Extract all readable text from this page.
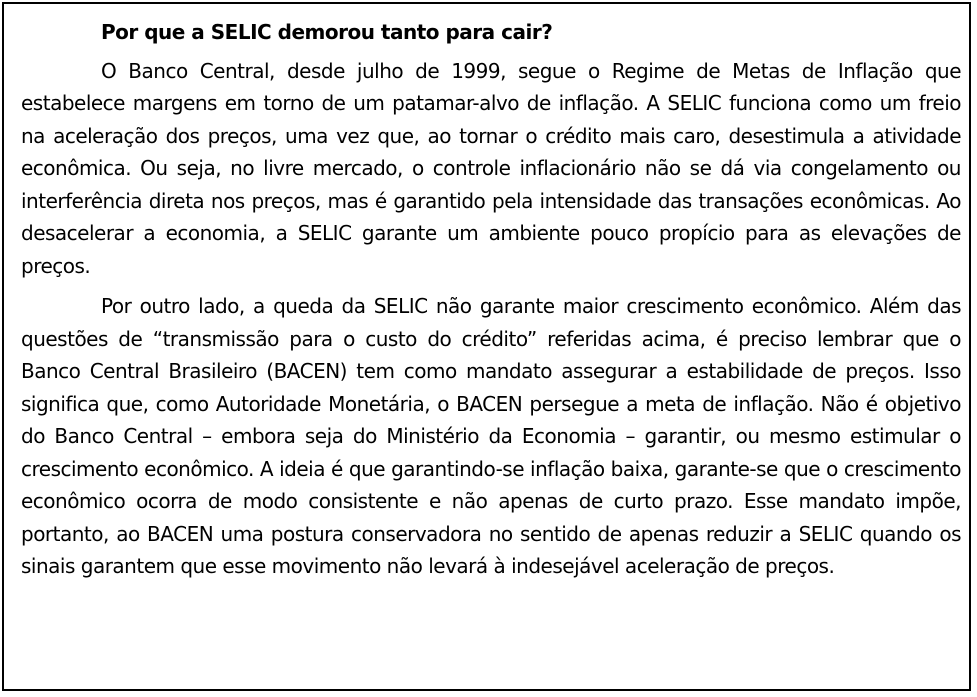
Por que a SELIC demorou tanto para cair?

O Banco Central, desde julho de 1999, segue o Regime de Metas de Inflação que estabelece margens em torno de um patamar-alvo de inflação. A SELIC funciona como um freio na aceleração dos preços, uma vez que, ao tornar o crédito mais caro, desestimula a atividade econômica. Ou seja, no livre mercado, o controle inflacionário não se dá via congelamento ou interferência direta nos preços, mas é garantido pela intensidade das transações econômicas. Ao desacelerar a economia, a SELIC garante um ambiente pouco propício para as elevações de preços.

Por outro lado, a queda da SELIC não garante maior crescimento econômico. Além das questões de “transmissão para o custo do crédito” referidas acima, é preciso lembrar que o Banco Central Brasileiro (BACEN) tem como mandato assegurar a estabilidade de preços. Isso significa que, como Autoridade Monetária, o BACEN persegue a meta de inflação. Não é objetivo do Banco Central – embora seja do Ministério da Economia – garantir, ou mesmo estimular o crescimento econômico. A ideia é que garantindo-se inflação baixa, garante-se que o crescimento econômico ocorra de modo consistente e não apenas de curto prazo. Esse mandato impõe, portanto, ao BACEN uma postura conservadora no sentido de apenas reduzir a SELIC quando os sinais garantem que esse movimento não levará à indesejável aceleração de preços.
